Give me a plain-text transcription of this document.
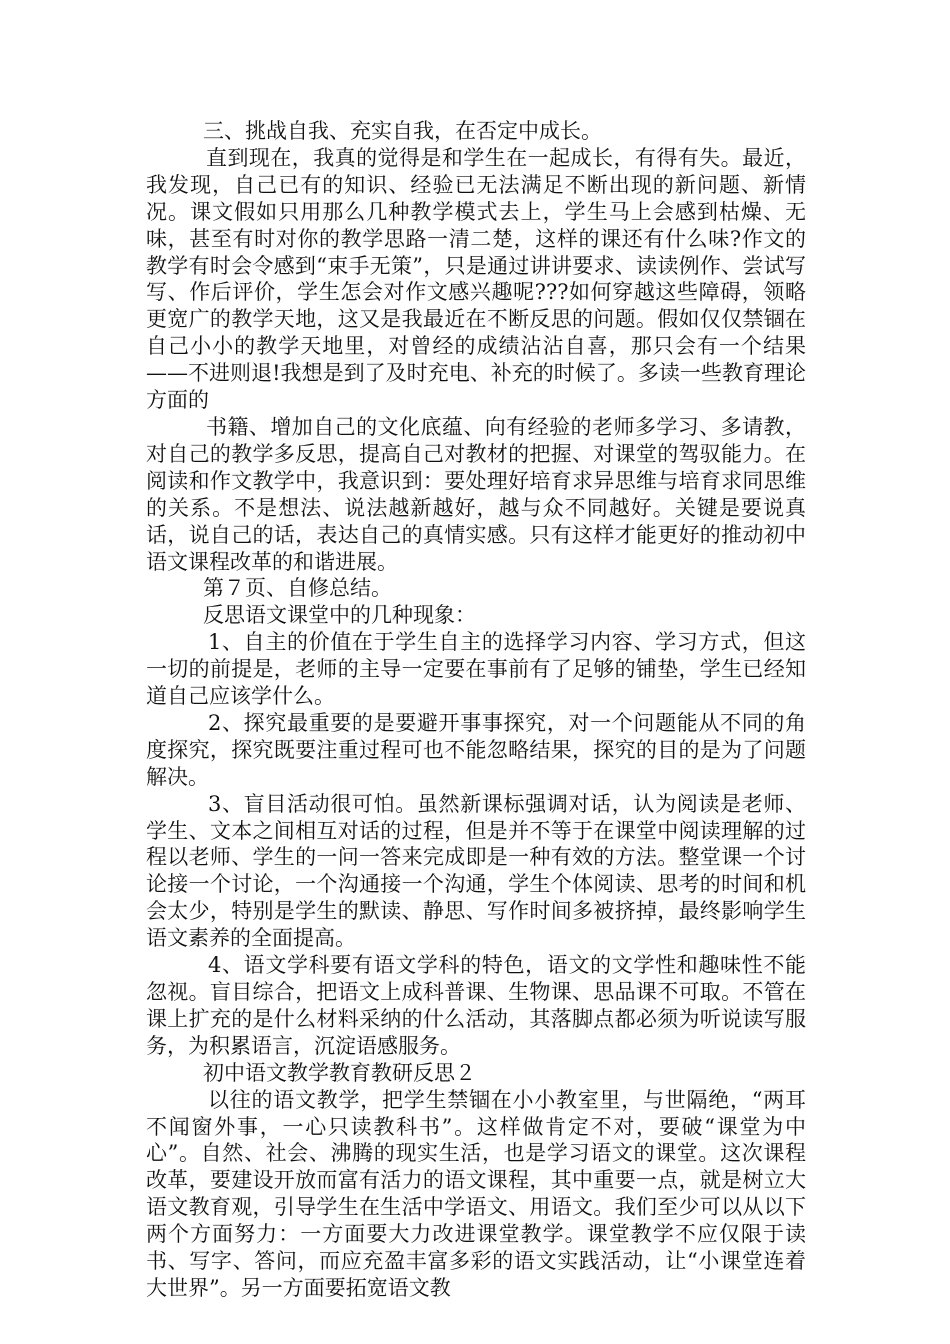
三、挑战自我、充实自我，在否定中成长。

直到现在，我真的觉得是和学生在一起成长，有得有失。最近，我发现，自己已有的知识、经验已无法满足不断出现的新问题、新情况。课文假如只用那么几种教学模式去上，学生马上会感到枯燥、无味，甚至有时对你的教学思路一清二楚，这样的课还有什么味?作文的教学有时会令感到“束手无策”，只是通过讲讲要求、读读例作、尝试写写、作后评价，学生怎会对作文感兴趣呢???如何穿越这些障碍，领略更宽广的教学天地，这又是我最近在不断反思的问题。假如仅仅禁锢在自己小小的教学天地里，对曾经的成绩沾沾自喜，那只会有一个结果——不进则退!我想是到了及时充电、补充的时候了。多读一些教育理论方面的

书籍、增加自己的文化底蕴、向有经验的老师多学习、多请教，对自己的教学多反思，提高自己对教材的把握、对课堂的驾驭能力。在阅读和作文教学中，我意识到：要处理好培育求异思维与培育求同思维的关系。不是想法、说法越新越好，越与众不同越好。关键是要说真话，说自己的话，表达自己的真情实感。只有这样才能更好的推动初中语文课程改革的和谐进展。

第７页、自修总结。

反思语文课堂中的几种现象：

1、自主的价值在于学生自主的选择学习内容、学习方式，但这一切的前提是，老师的主导一定要在事前有了足够的铺垫，学生已经知道自己应该学什么。

2、探究最重要的是要避开事事探究，对一个问题能从不同的角度探究，探究既要注重过程可也不能忽略结果，探究的目的是为了问题解决。

3、盲目活动很可怕。虽然新课标强调对话，认为阅读是老师、学生、文本之间相互对话的过程，但是并不等于在课堂中阅读理解的过程以老师、学生的一问一答来完成即是一种有效的方法。整堂课一个讨论接一个讨论，一个沟通接一个沟通，学生个体阅读、思考的时间和机会太少，特别是学生的默读、静思、写作时间多被挤掉，最终影响学生语文素养的全面提高。

4、语文学科要有语文学科的特色，语文的文学性和趣味性不能忽视。盲目综合，把语文上成科普课、生物课、思品课不可取。不管在课上扩充的是什么材料采纳的什么活动，其落脚点都必须为听说读写服务，为积累语言，沉淀语感服务。

初中语文教学教育教研反思２

以往的语文教学，把学生禁锢在小小教室里，与世隔绝，“两耳不闻窗外事，一心只读教科书”。这样做肯定不对，要破“课堂为中心”。自然、社会、沸腾的现实生活，也是学习语文的课堂。这次课程改革，要建设开放而富有活力的语文课程，其中重要一点，就是树立大语文教育观，引导学生在生活中学语文、用语文。我们至少可以从以下两个方面努力：一方面要大力改进课堂教学。课堂教学不应仅限于读书、写字、答问，而应充盈丰富多彩的语文实践活动，让“小课堂连着大世界”。另一方面要拓宽语文教
